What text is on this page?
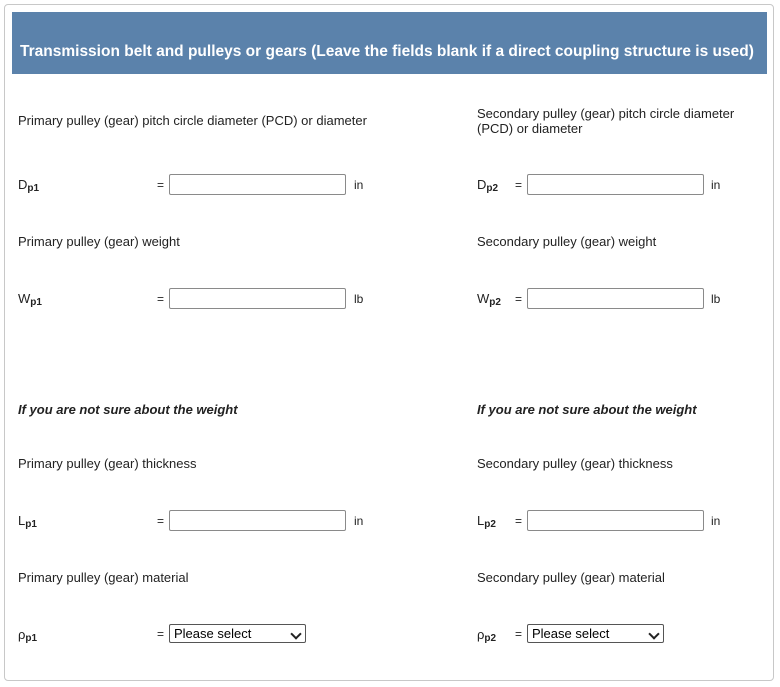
Transmission belt and pulleys or gears (Leave the fields blank if a direct coupling structure is used)
Primary pulley (gear) pitch circle diameter (PCD) or diameter
$D_{p1}$	=	in
Primary pulley (gear) weight
$W_{p1}$	=	lb
If you are not sure about the weight
Primary pulley (gear) thickness
$L_{p1}$	=	in
Primary pulley (gear) material
$\rho_{p1}$	= Please select
Secondary pulley (gear) pitch circle diameter (PCD) or diameter
$D_{p2}$ =	in
Secondary pulley (gear) weight
$W_{p2}$ =	lb
If you are not sure about the weight
Secondary pulley (gear) thickness
$L_{p2}$ =	in
Secondary pulley (gear) material
$\rho_{p2}$ = Please select
